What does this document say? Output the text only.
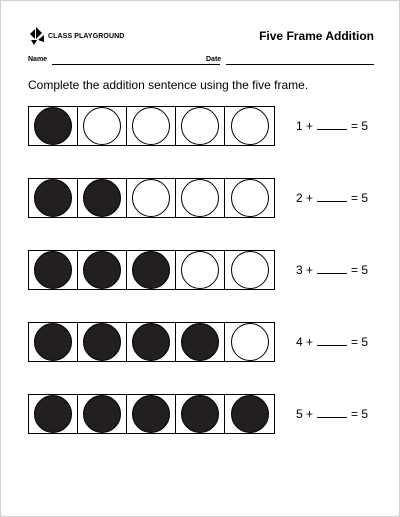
CLASS PLAYGROUND	Five Frame Addition
Name	Date
Complete the addition sentence using the five frame.
1 +	= 5
2 +	= 5
3 +	= 5
4 +	= 5
5 +	= 5
